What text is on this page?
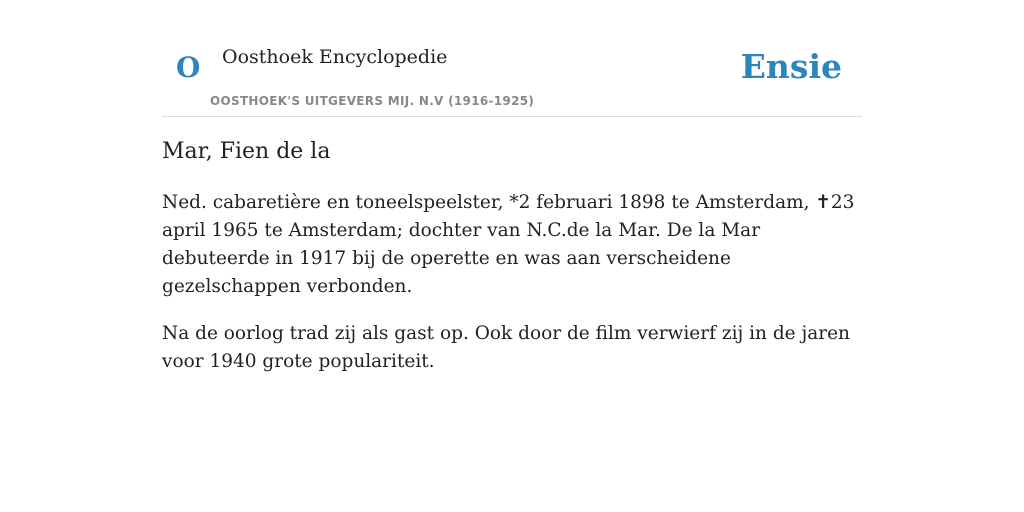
O Oosthoek Encyclopedie
OOSTHOEK'S UITGEVERS MIJ. N.V (1916-1925)
Ensie
Mar, Fien de la

Ned. cabaretière en toneelspeelster, *2 februari 1898 te Amsterdam, ✝23 april 1965 te Amsterdam; dochter van N.C.de la Mar. De la Mar debuteerde in 1917 bij de operette en was aan verscheidene gezelschappen verbonden.

Na de oorlog trad zij als gast op. Ook door de film verwierf zij in de jaren voor 1940 grote populariteit.
